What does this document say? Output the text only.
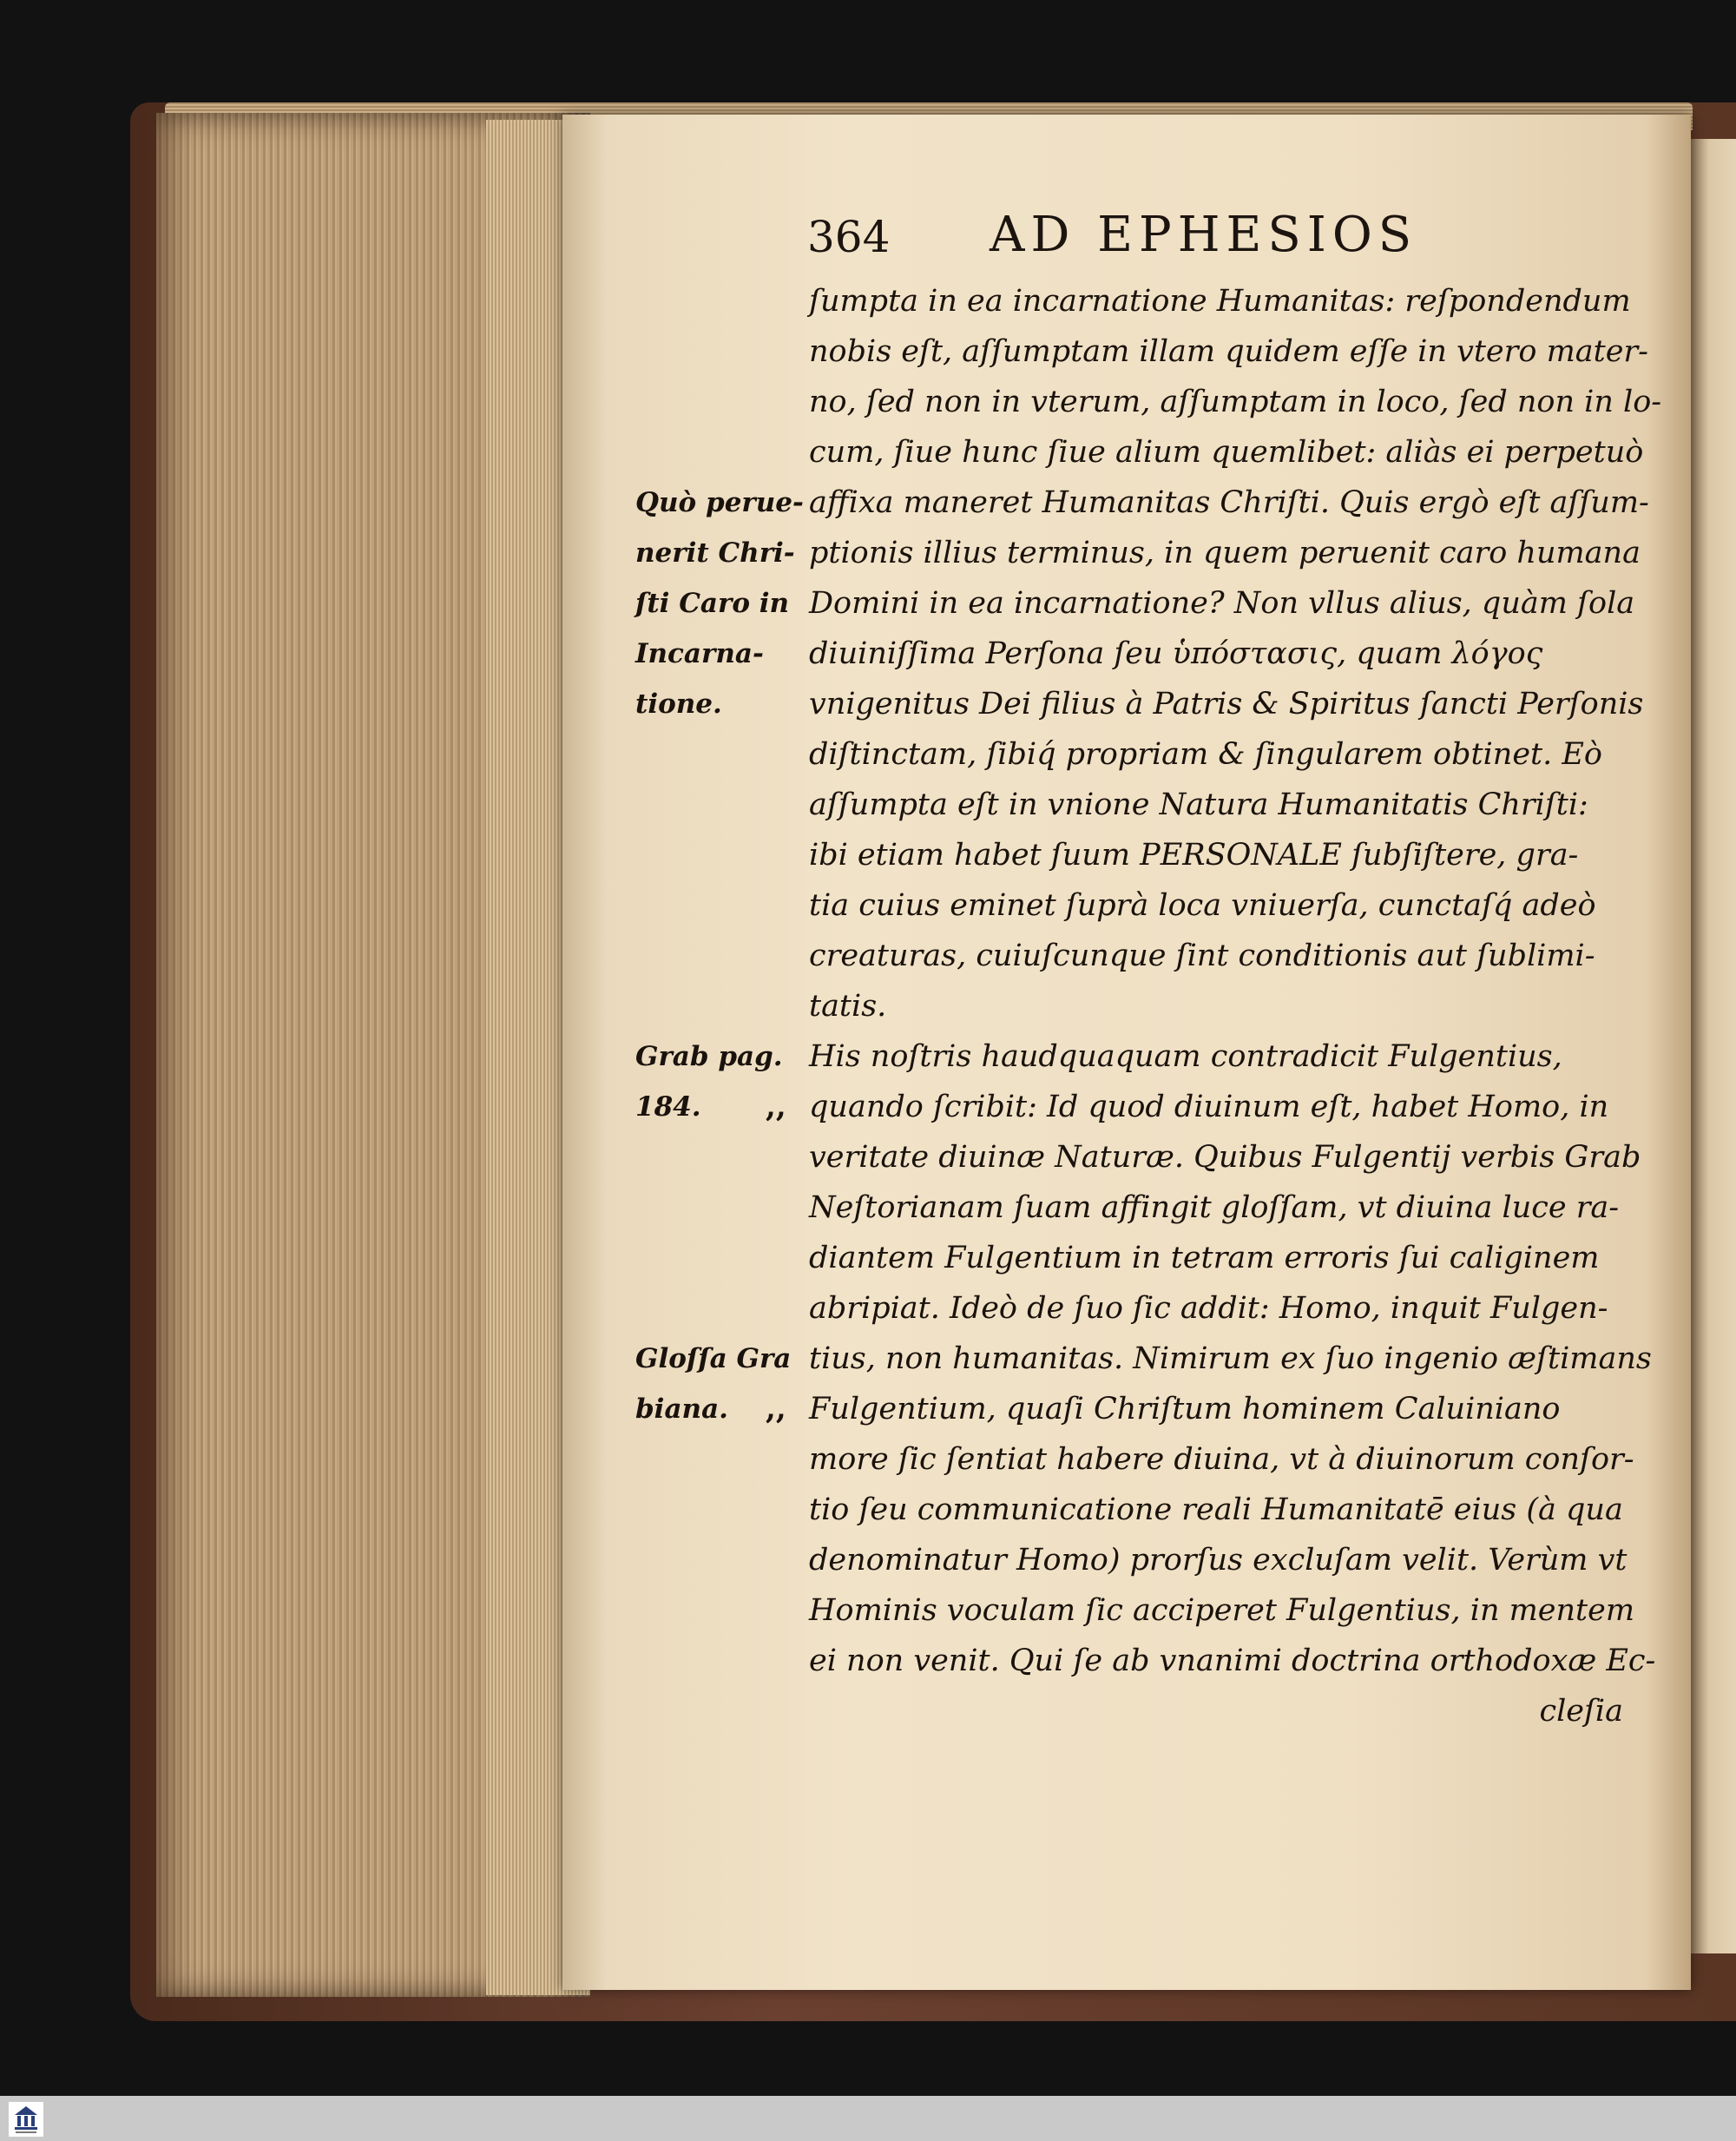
364 AD EPHESIOS
ſumpta in ea incarnatione Humanitas: reſpondendum
nobis eſt, aſſumptam illam quidem eſſe in vtero mater-
no, ſed non in vterum, aſſumptam in loco, ſed non in lo-
cum, ſiue hunc ſiue alium quemlibet: aliàs ei perpetuò
affixa maneret Humanitas Chriſti. Quis ergò eſt aſſum-
ptionis illius terminus, in quem peruenit caro humana
Domini in ea incarnatione? Non vllus alius, quàm ſola
diuiniſſima Perſona ſeu ὑπόστασις, quam λόγος
vnigenitus Dei filius à Patris & Spiritus ſancti Perſonis
diſtinctam, ſibiq́ propriam & ſingularem obtinet. Eò
aſſumpta eſt in vnione Natura Humanitatis Chriſti:
ibi etiam habet ſuum PERSONALE ſubſiſtere, gra-
tia cuius eminet ſuprà loca vniuerſa, cunctaſq́ adeò
creaturas, cuiuſcunque ſint conditionis aut ſublimi-
tatis.
His noſtris haudquaquam contradicit Fulgentius,
quando ſcribit: Id quod diuinum eſt, habet Homo, in
veritate diuinæ Naturæ. Quibus Fulgentij verbis Grab
Neſtorianam ſuam affingit gloſſam, vt diuina luce ra-
diantem Fulgentium in tetram erroris ſui caliginem
abripiat. Ideò de ſuo ſic addit: Homo, inquit Fulgen-
tius, non humanitas. Nimirum ex ſuo ingenio æſtimans
Fulgentium, quaſi Chriſtum hominem Caluiniano
more ſic ſentiat habere diuina, vt à diuinorum conſor-
tio ſeu communicatione reali Humanitatē eius (à qua
denominatur Homo) prorſus excluſam velit. Verùm vt
Hominis voculam ſic acciperet Fulgentius, in mentem
ei non venit. Qui ſe ab vnanimi doctrina orthodoxæ Ec-
cleſia
Quò perue-
nerit Chri-
ſti Caro in
Incarna-
tione.
Grab pag.
184.
Gloſſa Gra
biana.
,,
,,
